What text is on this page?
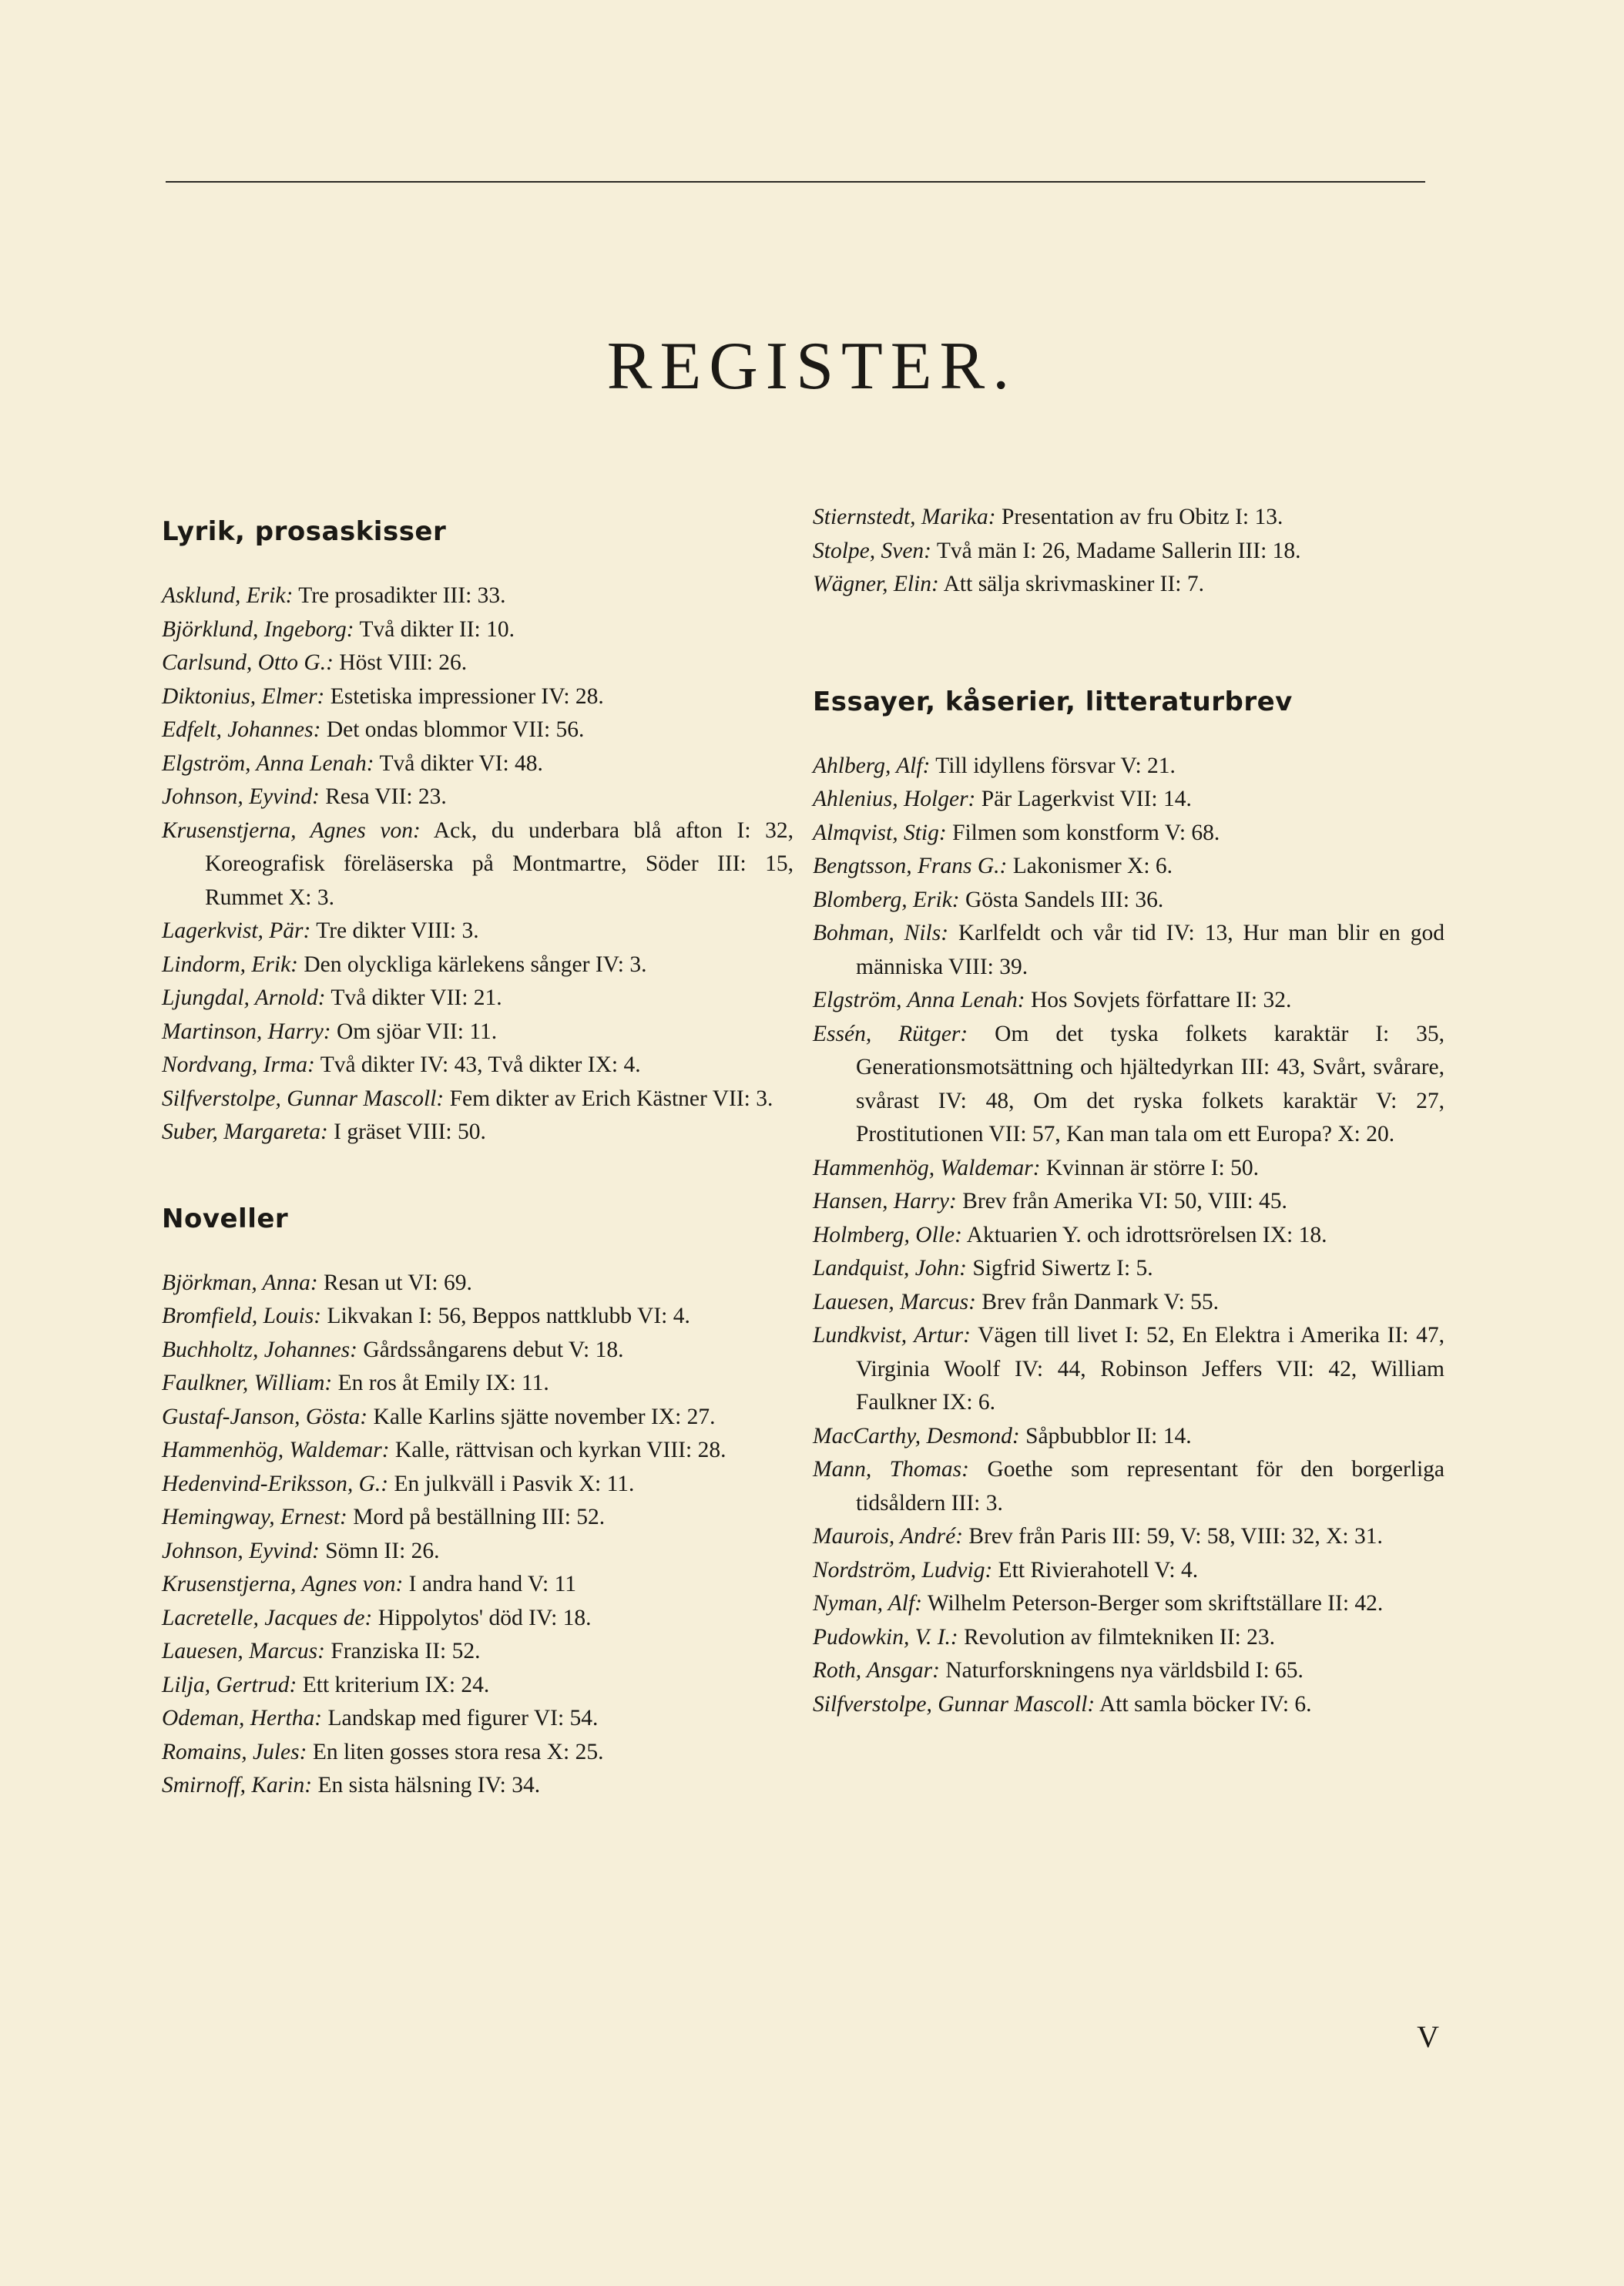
REGISTER.
Lyrik, prosaskisser
Asklund, Erik: Tre prosadikter III: 33.
Björklund, Ingeborg: Två dikter II: 10.
Carlsund, Otto G.: Höst VIII: 26.
Diktonius, Elmer: Estetiska impressioner IV: 28.
Edfelt, Johannes: Det ondas blommor VII: 56.
Elgström, Anna Lenah: Två dikter VI: 48.
Johnson, Eyvind: Resa VII: 23.
Krusenstjerna, Agnes von: Ack, du underbara blå afton I: 32, Koreografisk föreläserska på Montmartre, Söder III: 15, Rummet X: 3.
Lagerkvist, Pär: Tre dikter VIII: 3.
Lindorm, Erik: Den olyckliga kärlekens sånger IV: 3.
Ljungdal, Arnold: Två dikter VII: 21.
Martinson, Harry: Om sjöar VII: 11.
Nordvang, Irma: Två dikter IV: 43, Två dikter IX: 4.
Silfverstolpe, Gunnar Mascoll: Fem dikter av Erich Kästner VII: 3.
Suber, Margareta: I gräset VIII: 50.
Noveller
Björkman, Anna: Resan ut VI: 69.
Bromfield, Louis: Likvakan I: 56, Beppos nattklubb VI: 4.
Buchholtz, Johannes: Gårdssångarens debut V: 18.
Faulkner, William: En ros åt Emily IX: 11.
Gustaf-Janson, Gösta: Kalle Karlins sjätte november IX: 27.
Hammenhög, Waldemar: Kalle, rättvisan och kyrkan VIII: 28.
Hedenvind-Eriksson, G.: En julkväll i Pasvik X: 11.
Hemingway, Ernest: Mord på beställning III: 52.
Johnson, Eyvind: Sömn II: 26.
Krusenstjerna, Agnes von: I andra hand V: 11
Lacretelle, Jacques de: Hippolytos' död IV: 18.
Lauesen, Marcus: Franziska II: 52.
Lilja, Gertrud: Ett kriterium IX: 24.
Odeman, Hertha: Landskap med figurer VI: 54.
Romains, Jules: En liten gosses stora resa X: 25.
Smirnoff, Karin: En sista hälsning IV: 34.
Stiernstedt, Marika: Presentation av fru Obitz I: 13.
Stolpe, Sven: Två män I: 26, Madame Sallerin III: 18.
Wägner, Elin: Att sälja skrivmaskiner II: 7.
Essayer, kåserier, litteraturbrev
Ahlberg, Alf: Till idyllens försvar V: 21.
Ahlenius, Holger: Pär Lagerkvist VII: 14.
Almqvist, Stig: Filmen som konstform V: 68.
Bengtsson, Frans G.: Lakonismer X: 6.
Blomberg, Erik: Gösta Sandels III: 36.
Bohman, Nils: Karlfeldt och vår tid IV: 13, Hur man blir en god människa VIII: 39.
Elgström, Anna Lenah: Hos Sovjets författare II: 32.
Essén, Rütger: Om det tyska folkets karaktär I: 35, Generationsmotsättning och hjältedyrkan III: 43, Svårt, svårare, svårast IV: 48, Om det ryska folkets karaktär V: 27, Prostitutionen VII: 57, Kan man tala om ett Europa? X: 20.
Hammenhög, Waldemar: Kvinnan är större I: 50.
Hansen, Harry: Brev från Amerika VI: 50, VIII: 45.
Holmberg, Olle: Aktuarien Y. och idrottsrörelsen IX: 18.
Landquist, John: Sigfrid Siwertz I: 5.
Lauesen, Marcus: Brev från Danmark V: 55.
Lundkvist, Artur: Vägen till livet I: 52, En Elektra i Amerika II: 47, Virginia Woolf IV: 44, Robinson Jeffers VII: 42, William Faulkner IX: 6.
MacCarthy, Desmond: Såpbubblor II: 14.
Mann, Thomas: Goethe som representant för den borgerliga tidsåldern III: 3.
Maurois, André: Brev från Paris III: 59, V: 58, VIII: 32, X: 31.
Nordström, Ludvig: Ett Rivierahotell V: 4.
Nyman, Alf: Wilhelm Peterson-Berger som skriftställare II: 42.
Pudowkin, V. I.: Revolution av filmtekniken II: 23.
Roth, Ansgar: Naturforskningens nya världsbild I: 65.
Silfverstolpe, Gunnar Mascoll: Att samla böcker IV: 6.
V
